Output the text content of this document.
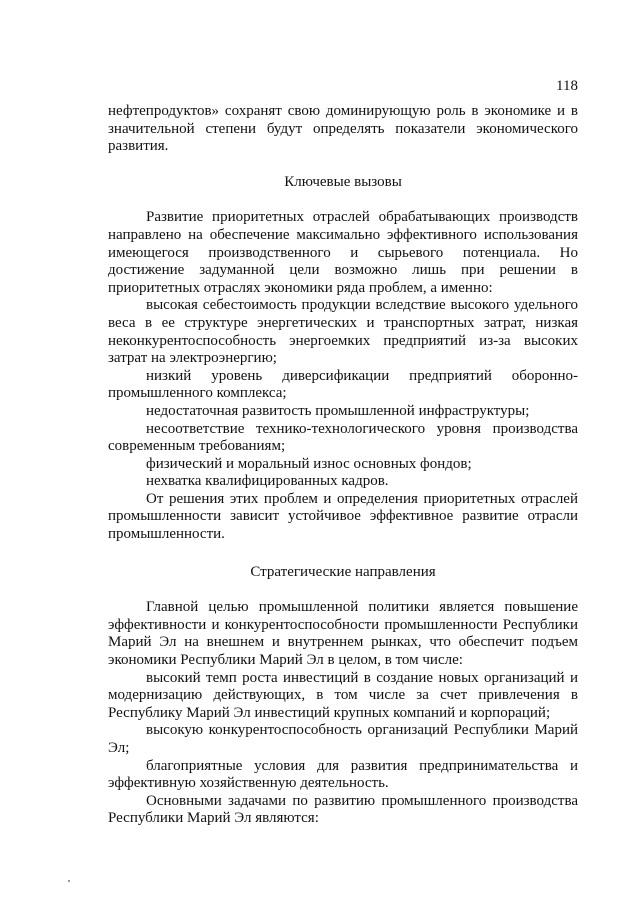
118

нефтепродуктов» сохранят свою доминирующую роль в экономике и в значительной степени будут определять показатели экономического развития.

Ключевые вызовы

Развитие приоритетных отраслей обрабатывающих производств направлено на обеспечение максимально эффективного использования имеющегося производственного и сырьевого потенциала. Но достижение задуманной цели возможно лишь при решении в приоритетных отраслях экономики ряда проблем, а именно:

высокая себестоимость продукции вследствие высокого удельного веса в ее структуре энергетических и транспортных затрат, низкая неконкурентоспособность энергоемких предприятий из-за высоких затрат на электроэнергию;

низкий уровень диверсификации предприятий оборонно-промышленного комплекса;

недостаточная развитость промышленной инфраструктуры;

несоответствие технико-технологического уровня производства современным требованиям;

физический и моральный износ основных фондов;

нехватка квалифицированных кадров.

От решения этих проблем и определения приоритетных отраслей промышленности зависит устойчивое эффективное развитие отрасли промышленности.

Стратегические направления

Главной целью промышленной политики является повышение эффективности и конкурентоспособности промышленности Республики Марий Эл на внешнем и внутреннем рынках, что обеспечит подъем экономики Республики Марий Эл в целом, в том числе:

высокий темп роста инвестиций в создание новых организаций и модернизацию действующих, в том числе за счет привлечения в Республику Марий Эл инвестиций крупных компаний и корпораций;

высокую конкурентоспособность организаций Республики Марий Эл;

благоприятные условия для развития предпринимательства и эффективную хозяйственную деятельность.

Основными задачами по развитию промышленного производства Республики Марий Эл являются:
